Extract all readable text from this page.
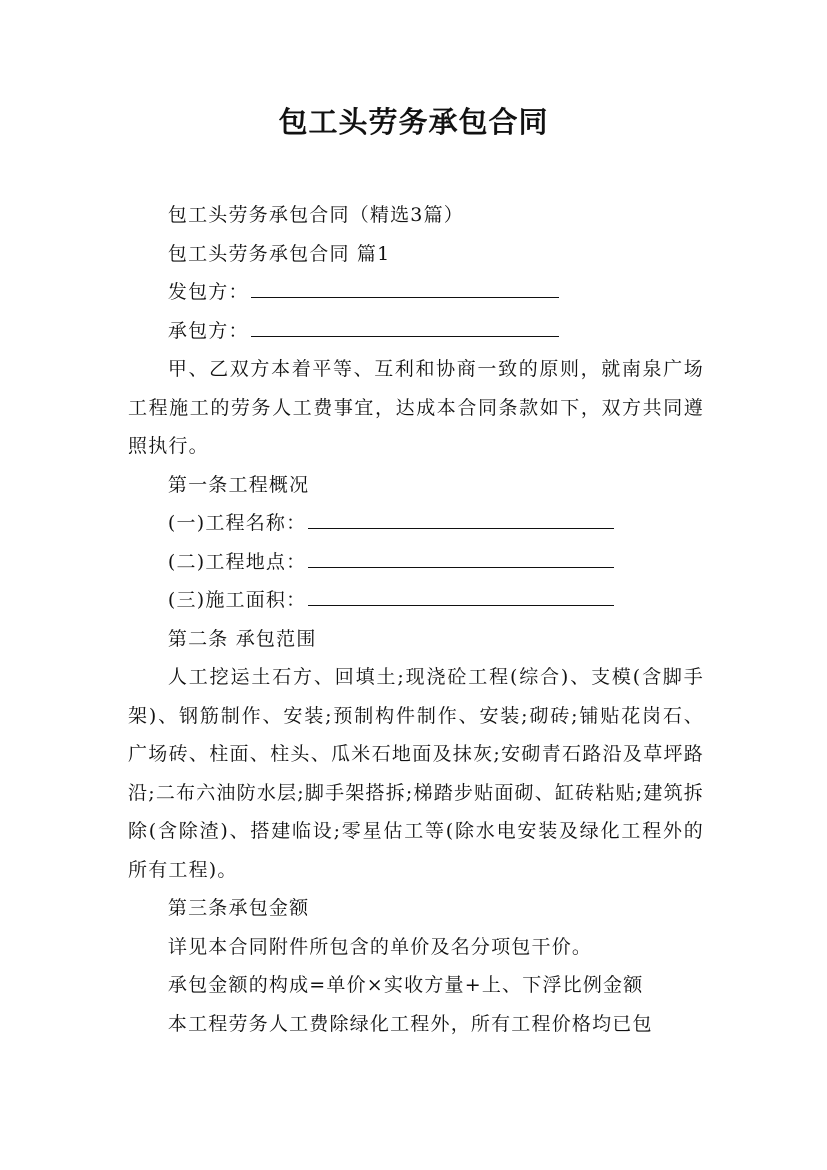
包工头劳务承包合同

包工头劳务承包合同（精选3篇）

包工头劳务承包合同 篇1

发包方：

承包方：

甲、乙双方本着平等、互利和协商一致的原则，就南泉广场工程施工的劳务人工费事宜，达成本合同条款如下，双方共同遵照执行。

第一条工程概况

(一)工程名称：

(二)工程地点：

(三)施工面积：

第二条 承包范围

人工挖运土石方、回填土;现浇砼工程(综合)、支模(含脚手架)、钢筋制作、安装;预制构件制作、安装;砌砖;铺贴花岗石、广场砖、柱面、柱头、瓜米石地面及抹灰;安砌青石路沿及草坪路沿;二布六油防水层;脚手架搭拆;梯踏步贴面砌、缸砖粘贴;建筑拆除(含除渣)、搭建临设;零星估工等(除水电安装及绿化工程外的所有工程)。

第三条承包金额

详见本合同附件所包含的单价及名分项包干价。

承包金额的构成=单价×实收方量+上、下浮比例金额

本工程劳务人工费除绿化工程外，所有工程价格均已包
